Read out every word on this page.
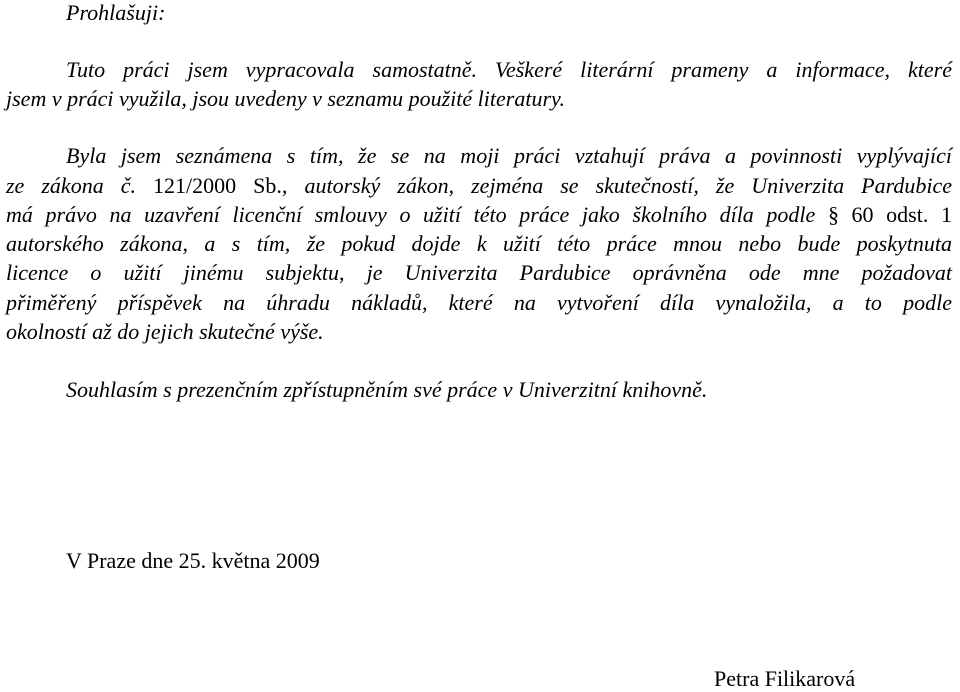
Prohlašuji:
Tuto práci jsem vypracovala samostatně. Veškeré literární prameny a informace, které
jsem v práci využila, jsou uvedeny v seznamu použité literatury.
Byla jsem seznámena s tím, že se na moji práci vztahují práva a povinnosti vyplývající
ze zákona č. 121/2000 Sb., autorský zákon, zejména se skutečností, že Univerzita Pardubice
má právo na uzavření licenční smlouvy o užití této práce jako školního díla podle § 60 odst. 1
autorského zákona, a s tím, že pokud dojde k užití této práce mnou nebo bude poskytnuta
licence o užití jinému subjektu, je Univerzita Pardubice oprávněna ode mne požadovat
přiměřený příspěvek na úhradu nákladů, které na vytvoření díla vynaložila, a to podle
okolností až do jejich skutečné výše.
Souhlasím s prezenčním zpřístupněním své práce v Univerzitní knihovně.
V Praze dne 25. května 2009
Petra Filikarová
